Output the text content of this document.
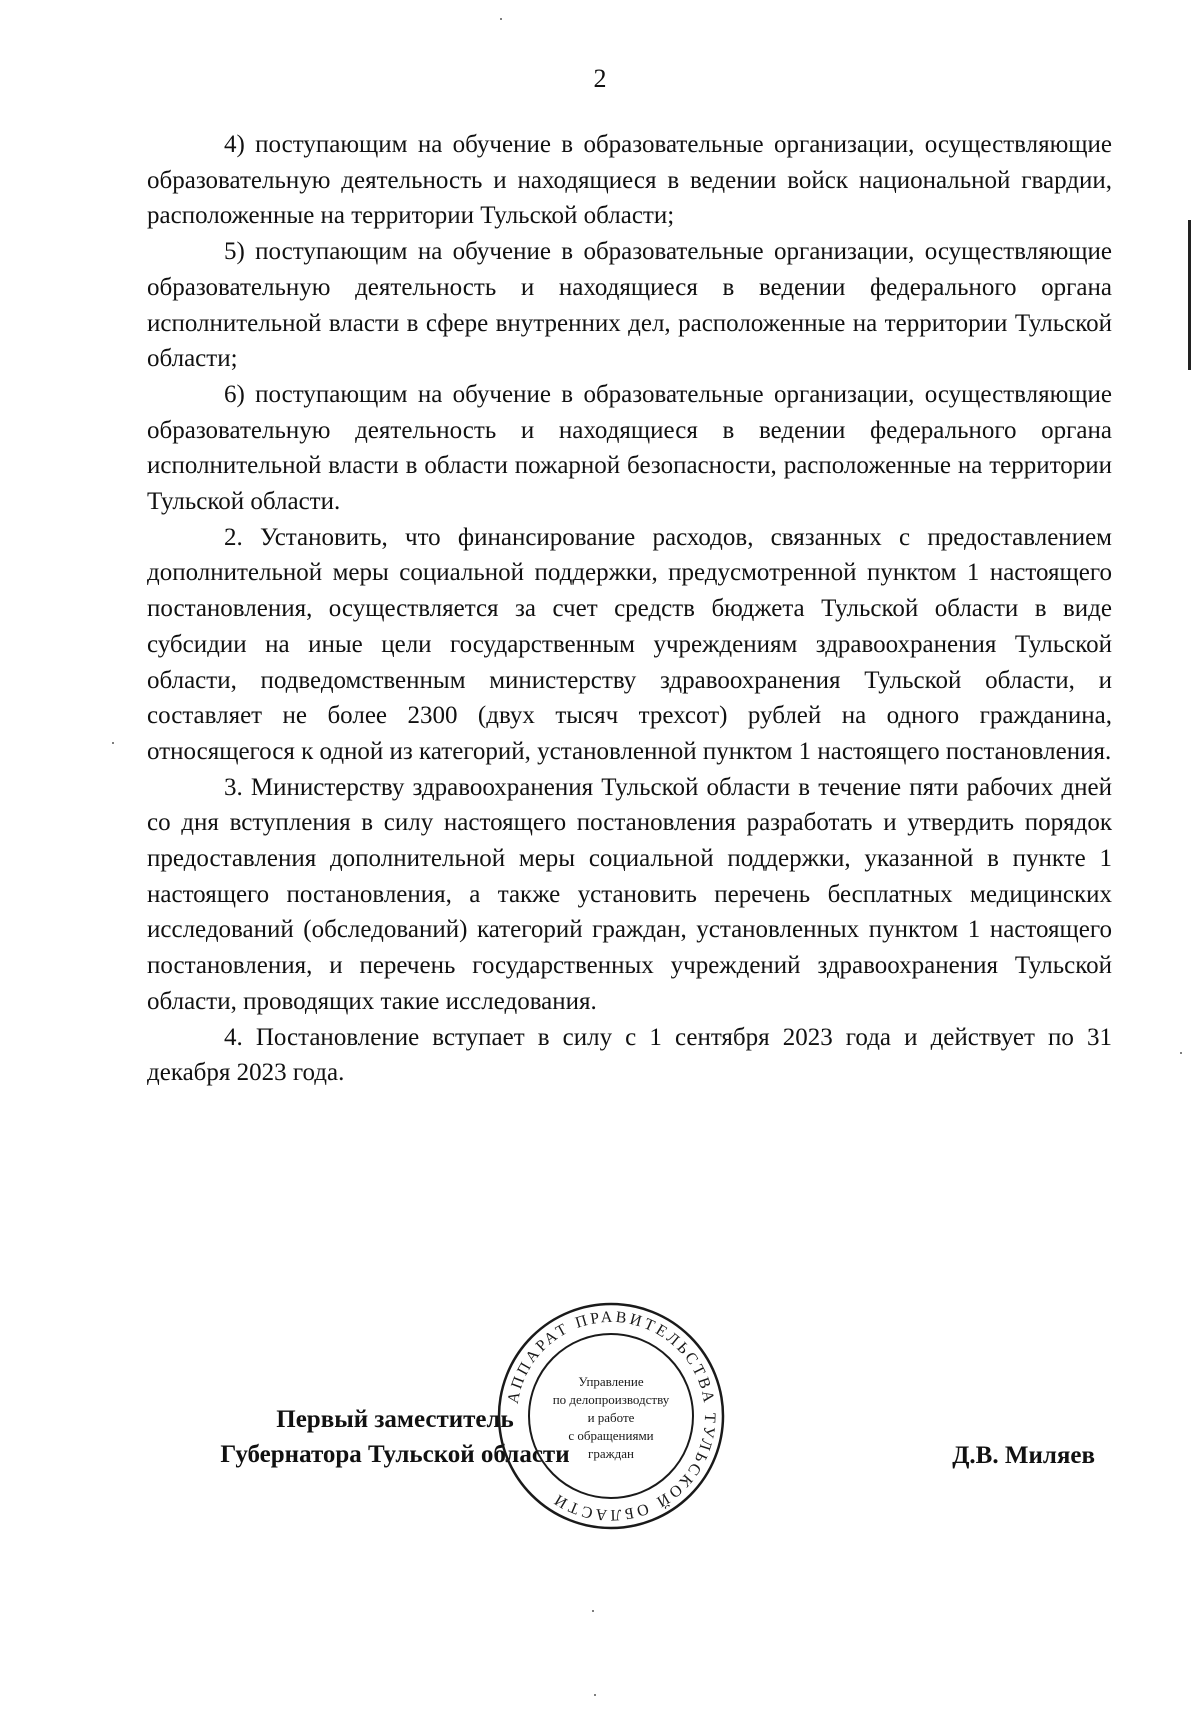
2

4) поступающим на обучение в образовательные организации, осуществляющие образовательную деятельность и находящиеся в ведении войск национальной гвардии, расположенные на территории Тульской области;

5) поступающим на обучение в образовательные организации, осуществляющие образовательную деятельность и находящиеся в ведении федерального органа исполнительной власти в сфере внутренних дел, расположенные на территории Тульской области;

6) поступающим на обучение в образовательные организации, осуществляющие образовательную деятельность и находящиеся в ведении федерального органа исполнительной власти в области пожарной безопасности, расположенные на территории Тульской области.

2. Установить, что финансирование расходов, связанных с предоставлением дополнительной меры социальной поддержки, предусмотренной пунктом 1 настоящего постановления, осуществляется за счет средств бюджета Тульской области в виде субсидии на иные цели государственным учреждениям здравоохранения Тульской области, подведомственным министерству здравоохранения Тульской области, и составляет не более 2300 (двух тысяч трехсот) рублей на одного гражданина, относящегося к одной из категорий, установленной пунктом 1 настоящего постановления.

3. Министерству здравоохранения Тульской области в течение пяти рабочих дней со дня вступления в силу настоящего постановления разработать и утвердить порядок предоставления дополнительной меры социальной поддержки, указанной в пункте 1 настоящего постановления, а также установить перечень бесплатных медицинских исследований (обследований) категорий граждан, установленных пунктом 1 настоящего постановления, и перечень государственных учреждений здравоохранения Тульской области, проводящих такие исследования.

4. Постановление вступает в силу с 1 сентября 2023 года и действует по 31 декабря 2023 года.

Первый заместитель
Губернатора Тульской области	Д.В. Миляев
АППАРАТ ПРАВИТЕЛЬСТВА ТУЛЬСКОЙ ОБЛАСТИ
Управление
по делопроизводству
и работе
с обращениями
граждан
